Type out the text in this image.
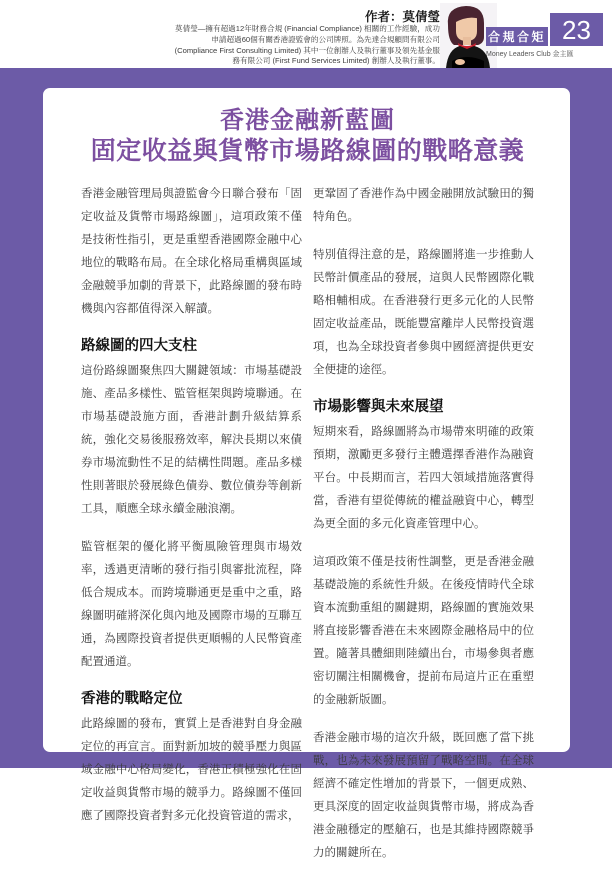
作者：莫倩瑩
莫倩瑩—擁有超過12年財務合規 (Financial Compliance) 相關的工作經驗，成功申請超過60個有關香港證監會的公司牌照。為先達合規顧問有限公司 (Compliance First Consulting Limited) 其中一位創辦人及執行董事及領先基金服務有限公司 (First Fund Services Limited) 創辦人及執行董事。
合規合矩 23
Money Leaders Club 金主匯
香港金融新藍圖
固定收益與貨幣市場路線圖的戰略意義

香港金融管理局與證監會今日聯合發布「固定收益及貨幣市場路線圖」，這項政策不僅是技術性指引，更是重塑香港國際金融中心地位的戰略布局。在全球化格局重構與區域金融競爭加劇的背景下，此路線圖的發布時機與內容都值得深入解讀。

路線圖的四大支柱

這份路線圖聚焦四大關鍵領域：市場基礎設施、產品多樣性、監管框架與跨境聯通。在市場基礎設施方面，香港計劃升級結算系統，強化交易後服務效率，解決長期以來債券市場流動性不足的結構性問題。產品多樣性則著眼於發展綠色債券、數位債券等創新工具，順應全球永續金融浪潮。

監管框架的優化將平衡風險管理與市場效率，透過更清晰的發行指引與審批流程，降低合規成本。而跨境聯通更是重中之重，路線圖明確將深化與內地及國際市場的互聯互通，為國際投資者提供更順暢的人民幣資產配置通道。

香港的戰略定位

此路線圖的發布，實質上是香港對自身金融定位的再宣言。面對新加坡的競爭壓力與區域金融中心格局變化，香港正積極強化在固定收益與貨幣市場的競爭力。路線圖不僅回應了國際投資者對多元化投資管道的需求，

更鞏固了香港作為中國金融開放試驗田的獨特角色。

特別值得注意的是，路線圖將進一步推動人民幣計價產品的發展，這與人民幣國際化戰略相輔相成。在香港發行更多元化的人民幣固定收益產品，既能豐富離岸人民幣投資選項，也為全球投資者參與中國經濟提供更安全便捷的途徑。

市場影響與未來展望

短期來看，路線圖將為市場帶來明確的政策預期，激勵更多發行主體選擇香港作為融資平台。中長期而言，若四大領域措施落實得當，香港有望從傳統的權益融資中心，轉型為更全面的多元化資產管理中心。

這項政策不僅是技術性調整，更是香港金融基礎設施的系統性升級。在後疫情時代全球資本流動重組的關鍵期，路線圖的實施效果將直接影響香港在未來國際金融格局中的位置。隨著具體細則陸續出台，市場參與者應密切關注相關機會，提前布局這片正在重塑的金融新版圖。

香港金融市場的這次升級，既回應了當下挑戰，也為未來發展預留了戰略空間。在全球經濟不確定性增加的背景下，一個更成熟、更具深度的固定收益與貨幣市場，將成為香港金融穩定的壓艙石，也是其維持國際競爭力的關鍵所在。
